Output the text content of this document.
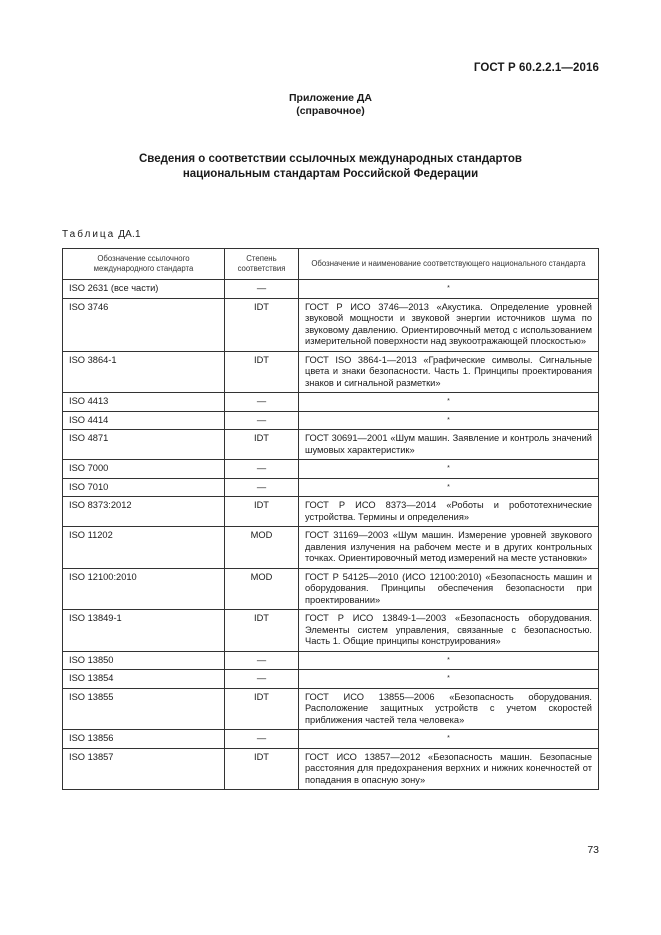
ГОСТ Р 60.2.2.1—2016
Приложение ДА
(справочное)
Сведения о соответствии ссылочных международных стандартов
национальным стандартам Российской Федерации
Таблица ДА.1
Обозначение ссылочного международного стандарта	Степень соответствия	Обозначение и наименование соответствующего национального стандарта
ISO 2631 (все части)	—	*
ISO 3746	IDT	ГОСТ Р ИСО 3746—2013 «Акустика. Определение уровней звуковой мощности и звуковой энергии источников шума по звуковому давлению. Ориентировочный метод с использованием измерительной поверхности над звукоотражающей плоскостью»
ISO 3864-1	IDT	ГОСТ ISO 3864-1—2013 «Графические символы. Сигнальные цвета и знаки безопасности. Часть 1. Принципы проектирования знаков и сигнальной разметки»
ISO 4413	—	*
ISO 4414	—	*
ISO 4871	IDT	ГОСТ 30691—2001 «Шум машин. Заявление и контроль значений шумовых характеристик»
ISO 7000	—	*
ISO 7010	—	*
ISO 8373:2012	IDT	ГОСТ Р ИСО 8373—2014 «Роботы и робототехнические устройства. Термины и определения»
ISO 11202	MOD	ГОСТ 31169—2003 «Шум машин. Измерение уровней звукового давления излучения на рабочем месте и в других контрольных точках. Ориентировочный метод измерений на месте установки»
ISO 12100:2010	MOD	ГОСТ Р 54125—2010 (ИСО 12100:2010) «Безопасность машин и оборудования. Принципы обеспечения безопасности при проектировании»
ISO 13849-1	IDT	ГОСТ Р ИСО 13849-1—2003 «Безопасность оборудования. Элементы систем управления, связанные с безопасностью. Часть 1. Общие принципы конструирования»
ISO 13850	—	*
ISO 13854	—	*
ISO 13855	IDT	ГОСТ ИСО 13855—2006 «Безопасность оборудования. Расположение защитных устройств с учетом скоростей приближения частей тела человека»
ISO 13856	—	*
ISO 13857	IDT	ГОСТ ИСО 13857—2012 «Безопасность машин. Безопасные расстояния для предохранения верхних и нижних конечностей от попадания в опасную зону»
73
